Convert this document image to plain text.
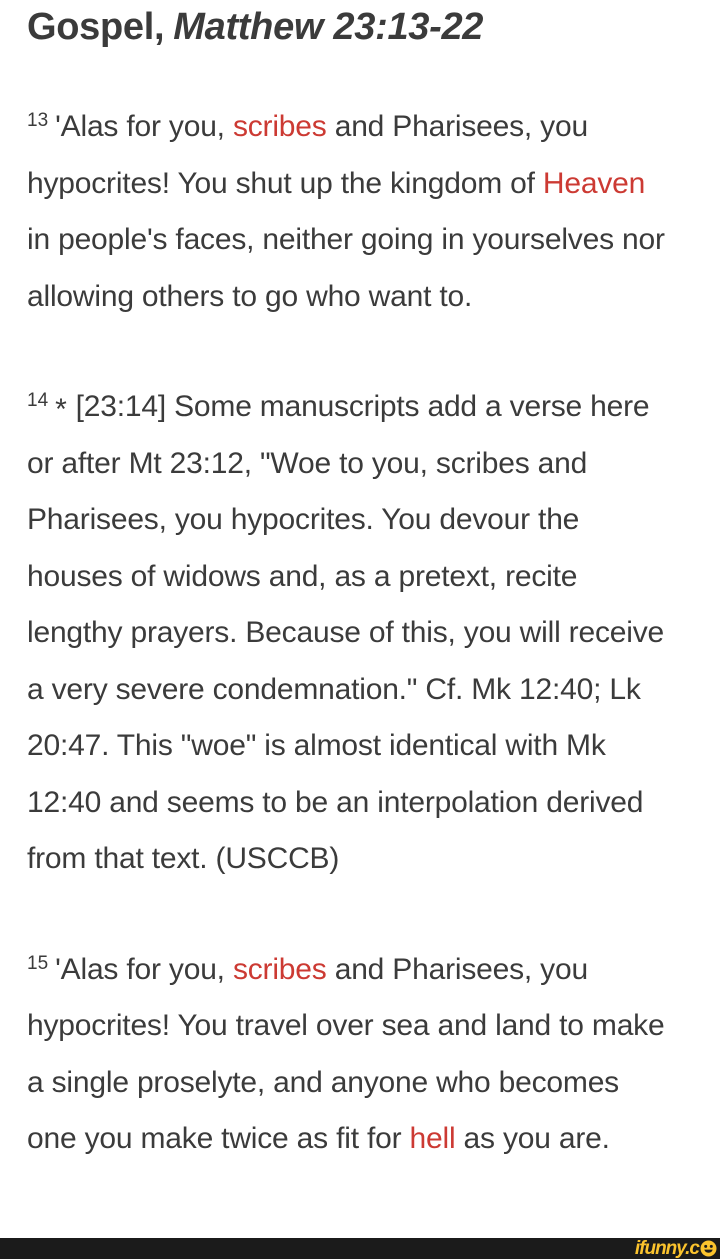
Gospel, Matthew 23:13-22

$^{13}$ 'Alas for you, scribes and Pharisees, you hypocrites! You shut up the kingdom of Heaven in people's faces, neither going in yourselves nor allowing others to go who want to.

$^{14}$ * [23:14] Some manuscripts add a verse here or after Mt 23:12, "Woe to you, scribes and Pharisees, you hypocrites. You devour the houses of widows and, as a pretext, recite lengthy prayers. Because of this, you will receive a very severe condemnation." Cf. Mk 12:40; Lk 20:47. This "woe" is almost identical with Mk 12:40 and seems to be an interpolation derived from that text. (USCCB)

$^{15}$ 'Alas for you, scribes and Pharisees, you hypocrites! You travel over sea and land to make a single proselyte, and anyone who becomes one you make twice as fit for hell as you are.

ifunny.c
